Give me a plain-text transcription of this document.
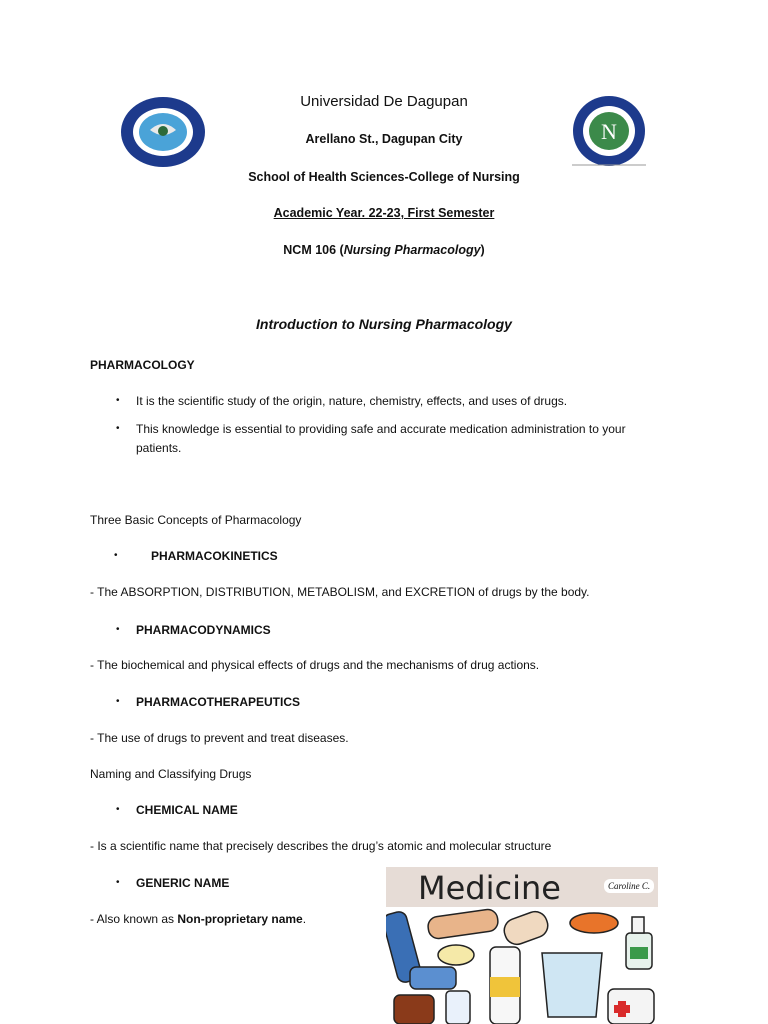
N
Universidad De Dagupan
Arellano St., Dagupan City
School of Health Sciences-College of Nursing
Academic Year. 22-23, First Semester
NCM 106 (Nursing Pharmacology)
Introduction to Nursing Pharmacology
PHARMACOLOGY
• It is the scientific study of the origin, nature, chemistry, effects, and uses of drugs.
• This knowledge is essential to providing safe and accurate medication administration to your
patients.
Three Basic Concepts of Pharmacology
•	PHARMACOKINETICS
- The ABSORPTION, DISTRIBUTION, METABOLISM, and EXCRETION of drugs by the body.
• PHARMACODYNAMICS
- The biochemical and physical effects of drugs and the mechanisms of drug actions.
• PHARMACOTHERAPEUTICS
- The use of drugs to prevent and treat diseases.
Naming and Classifying Drugs
• CHEMICAL NAME
- Is a scientific name that precisely describes the drug’s atomic and molecular structure
• GENERIC NAME
- Also known as Non-proprietary name.
Medicine	Caroline C.
